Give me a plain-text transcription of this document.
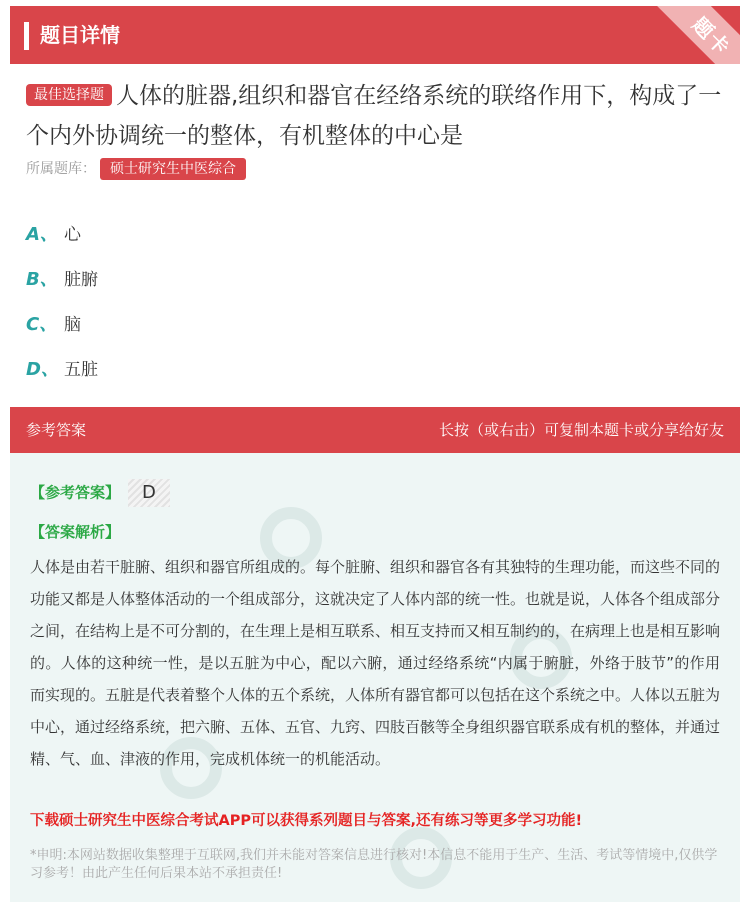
题目详情	题卡
最佳选择题 人体的脏器,组织和器官在经络系统的联络作用下，构成了一个内外协调统一的整体，有机整体的中心是
所属题库： 硕士研究生中医综合
A、 心
B、 脏腑
C、 脑
D、 五脏
参考答案	长按（或右击）可复制本题卡或分享给好友
【参考答案】 D
【答案解析】
人体是由若干脏腑、组织和器官所组成的。每个脏腑、组织和器官各有其独特的生理功能，而这些不同的功能又都是人体整体活动的一个组成部分，这就决定了人体内部的统一性。也就是说，人体各个组成部分之间，在结构上是不可分割的，在生理上是相互联系、相互支持而又相互制约的，在病理上也是相互影响的。人体的这种统一性，是以五脏为中心，配以六腑，通过经络系统“内属于腑脏，外络于肢节”的作用而实现的。五脏是代表着整个人体的五个系统，人体所有器官都可以包括在这个系统之中。人体以五脏为中心，通过经络系统，把六腑、五体、五官、九窍、四肢百骸等全身组织器官联系成有机的整体，并通过精、气、血、津液的作用，完成机体统一的机能活动。
下载硕士研究生中医综合考试APP可以获得系列题目与答案,还有练习等更多学习功能!
*申明:本网站数据收集整理于互联网,我们并未能对答案信息进行核对!本信息不能用于生产、生活、考试等情境中,仅供学习参考！由此产生任何后果本站不承担责任!
